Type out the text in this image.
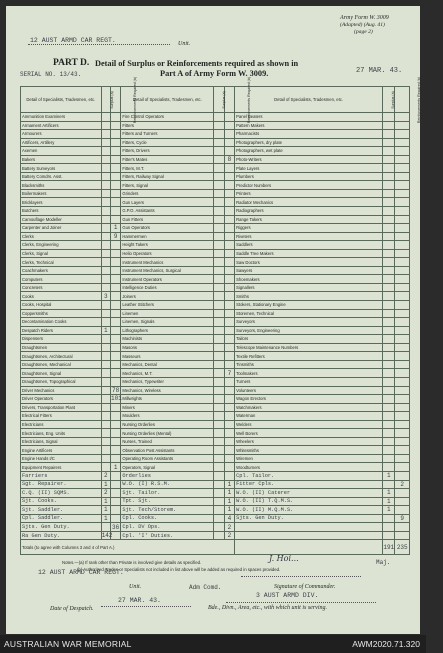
12 AUST ARMD CAR REGT.	Unit.
Army Form W. 3009
(Adapted) (Aug. 41)
(page 2)
PART D. Detail of Surplus or Reinforcements required as shown in
Part A of Army Form W. 3009.
SERIAL NO. 13/43.	27 MAR. 43.
Detail of Specialists, Tradesmen, etc.	Surplus (a)	Reinforcements Required (b)	Detail of Specialists, Tradesmen, etc.	Surplus (a)	Reinforcements Required (b)	Detail of Specialists, Tradesmen, etc.	Surplus (a)	Reinforcements Required (b)
Ammunition Examiners			Fire Control Operators			Panel Beaters		
Armament Artificers			Fitters			Pattern Makers		
Armourers			Fitters and Turners			Pharmacists		
Artificers, Artillery			Fitters, Cycle			Photographers, dry plate		
Axemen			Fitters, Drivers			Photographers, wet plate		
Bakers			Fitter's Mates		8	Photo-Writers		
Battery Surveyors			Fitters, M.T.			Plate Layers		
Battery Comdrs. Asst.			Fitters, Railway Signal			Plumbers		
Blacksmiths			Fitters, Signal			Predictor Numbers		
Boilermakers			Grinders			Printers		
Bricklayers			Gun Layers			Radiator Mechanics		
Butchers			G.P.O. Assistants			Radiographers		
Camouflage Modeller			Gun Fitters			Range Takers		
Carpenter and Joiner		1	Gun Operators			Riggers		
Clerks		9	Hammermen			Riveters		
Clerks, Engineering			Height Takers			Saddlers		
Clerks, Signal			Helio Operators			Saddle Tree Makers		
Clerks, Technical			Instrument Mechanics			Saw Doctors		
Coachmakers			Instrument Mechanics, Surgical			Sawyers		
Computers			Instrument Operators			Shoemakers		
Concreters			Intelligence Duties			Signallers		
Cooks	3		Joiners			Smiths		
Cooks, Hospital			Leather Stitchers			Stokers, Stationary Engine		
Coppersmiths			Linemen			Storemen, Technical		
Decontamination Cooks			Linemen, Signals			Surveyors		
Despatch Riders	1		Lithographers			Surveyors, Engineering		
Dispensers			Machinists			Tailors		
Draughtsmen			Masons			Telescope Maintenance Numbers		
Draughtsmen, Architectural			Masseurs			Textile Refitters		
Draughtsmen, Mechanical			Mechanics, Dental			Tinsmiths		
Draughtsmen, Signal			Mechanics, M.T.		7	Toolmakers		
Draughtsmen, Topographical			Mechanics, Typewriter			Turners		
Driver Mechanics		78	Mechanics, Wireless			Volunteers		
Driver Operators		101	Millwrights			Wagon Erectors		
Drivers, Transportation Plant			Miners			Watchmakers		
Electrical Fitters			Moulders			Waterman		
Electricians			Nursing Orderlies			Welders		
Electricians, Eng. Units			Nursing Orderlies (Mental)			Well Borers		
Electricians, Signal			Nurses, Trained			Wheelers		
Engine Artificers			Observation Post Assistants			Whitesmiths		
Engine Hands I/C			Operating Room Assistants			Wiremen		
Equipment Repairers		1	Operators, Signal			Woodturners		
Farriers	2		Orderlies			Cpl. Tailor.	1	
Sgt. Repairer.	1		W.O. (I) R.S.M.		1	Fitter Cpls.		2
C.Q. (II) SQMS.	2		Sjt. Tailor.		1	W.O. (II) Caterer	1	
Sjt. Cooks.	1		Tpt. Sjt.		1	W.O. (II) T.Q.M.S.	1	
Sjt. Saddler.	1		Sjt. Tech/Storem.		1	W.O. (II) M.Q.M.S.	1	
Cpl. Saddler.	1		Cpl. Cooks.		4	Sjts. Gen Duty.		9
Sjts. Gen Duty.		36	Cpl. DV Ops.		2			
Ra Gen Duty.	142		Cpl. 'I' Duties.		2			
Totals (to agree with Columns 3 and 4 of Part A.)							191	235
Notes.—(a) If rank other than Private is involved give details as specified.	Maj.
(b) Authorized Trades or Specialists not included in list above will be added as required in spaces provided.
12 AUST ARMD CAR REGT.
J. Hoi...
Unit.	Adm Comd.	Signature of Commander.
3 AUST ARMD DIV.
27 MAR. 43.
Date of Despatch.	Bde., Divn., Area, etc., with which unit is serving.
AUSTRALIAN WAR MEMORIAL	AWM2020.71.320
